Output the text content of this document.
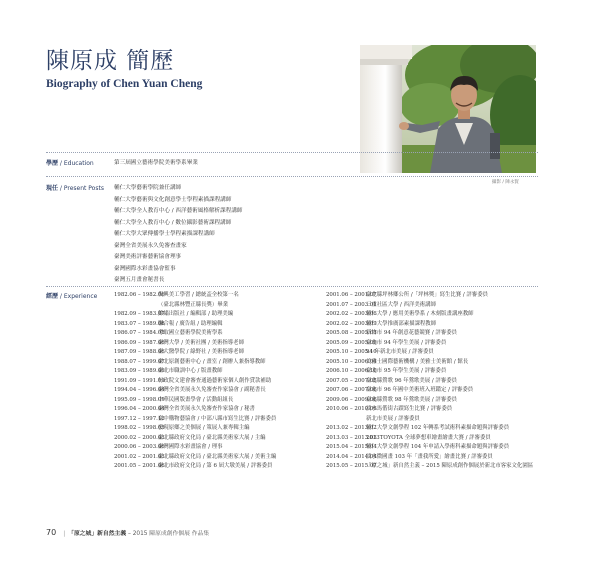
陳原成 簡歷
Biography of Chen Yuan Cheng
攝影 / 陳永賢
學歷 / Education	第三屆國立藝術學院美術學系畢業
現任 / Present Posts 輔仁大學藝術學院兼任講師
輔仁大學藝術與文化創意學士學程素描課程講師
輔仁大學全人教育中心 / 西洋藝術風格解析課程講師
輔仁大學全人教育中心 / 數位攝影藝術課程講師
輔仁大學大眾傳播學士學程素描課程講師
臺灣全省美展永久免審查畫家
臺灣美術評審藝術協會理事
臺灣國際水彩畫協會監事
臺灣五月畫會秘書長
經歷 / Experience	1982.06 – 1982.06復興美工學習 / 總統盃全校第一名
（臺北縣林豐正縣長獎）畢業
1982.09 – 1983.07錦繡出版社 / 編輯部 / 助理美編
1983.07 – 1989.08聯合報 / 廣告組 / 助理編輯
1986.07 – 1984.08考取國立藝術學院美術學系
1986.09 – 1987.06臺灣大學 / 美術社團 / 美術指導老師
1987.09 – 1988.06臺大醫學院 / 綠野社 / 美術指導老師
1988.07 – 1999.07臺北原創藝術中心 / 畫室 / 創辦人兼指導教師
1983.09 – 1989.09臺北市職訓中心 / 版畫教師
1991.09 – 1991.09行政院文建會審查通過藝術家個人創作貸款補助
1994.04 – 1996.04臺灣全省美展永久免審查作家協會 / 副秘書長
1995.09 – 1998.09中華民國版畫學會 / 活動組組長
1996.04 – 2000.04臺灣全省美展永久免審查作家協會 / 秘書
1997.12 – 1997.12臺中購物藝協會 / 中部八縣市寫生比賽 / 評審委員
1998.02 – 1998.03發現原鄉之美個展 / 策展人兼專輯主編
2000.02 – 2000.03臺北縣政府文化局 / 臺北縣美術家大展 / 主編
2000.06 – 2003.06臺灣國際水彩畫協會 / 理事
2001.02 – 2001.03臺北縣政府文化局 / 臺北縣美術家大展 / 美術主編
2001.05 – 2001.06臺北市政府文化局 / 第 6 屆大墩美展 / 評審委員
2001.06 – 2001.07臺北縣坪林鄉公所 /「坪林獎」寫生比賽 / 評審委員
2001.07 – 2003.01三重社區大學 / 西洋美術講師
2002.02 – 2003.06輔仁大學 / 應用美術學系 / 木刻版畫講座教師
2002.02 – 2003.09輔仁大學推廣部素描課程教師
2005.08 – 2005.08新竹市 94 年創意花藝競賽 / 評審委員
2005.09 – 2005.09臺北市 94 年學生美展 / 評審委員
2005.10 – 2005.1094 年新北市美展 / 評審委員
2005.10 – 2006.04美雅士國際藝術機構 / 美雅士美術館 / 館長
2006.10 – 2006.10臺北市 95 年學生美展 / 評審委員
2007.05 – 2007.05臺北縣鶯歌 96 年鶯歌美展 / 評審委員
2007.06 – 2007.06臺北市 96 年國中美術班入班鑑定 / 評審委員
2009.06 – 2009.06臺北縣鶯歌 98 年鶯歌美展 / 評審委員
2010.06 – 2010.06淡水馬偕街古蹟寫生比賽 / 評審委員
新北市美展 / 評審委員
2013.02 – 2013.02輔仁大學文創學程 102 年轉系考試術科素描命題與評審委員
2013.03 – 2013.032013TOYOTA 全球夢想車繪畫繪畫大賽 / 評審委員
2015.04 – 2015.04輔仁大學文創學程 104 年申請入學術科素描命題與評審委員
2014.04 – 2014.04淡水微國畫 103 年「畫我所愛」繪畫比賽 / 評審委員
2015.05 – 2015.07「原之城」新自然主義 – 2015 陳原成創作個展於新北市客家文化園區
70 | 「原之城」新自然主義 – 2015 陳原成創作個展 作品集
